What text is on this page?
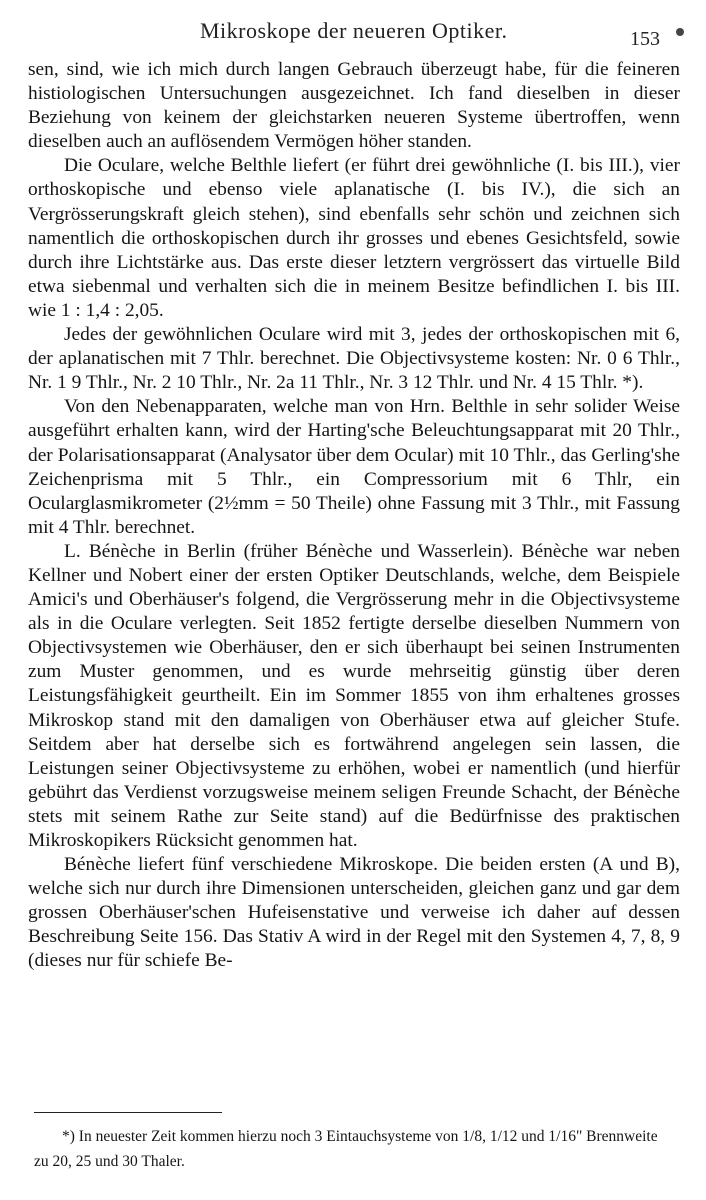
Mikroskope der neueren Optiker.	153

sen, sind, wie ich mich durch langen Gebrauch überzeugt habe, für die feineren histiologischen Untersuchungen ausgezeichnet. Ich fand dieselben in dieser Beziehung von keinem der gleichstarken neueren Systeme übertroffen, wenn dieselben auch an auflösendem Vermögen höher standen.

Die Oculare, welche Belthle liefert (er führt drei gewöhnliche (I. bis III.), vier orthoskopische und ebenso viele aplanatische (I. bis IV.), die sich an Vergrösserungskraft gleich stehen), sind ebenfalls sehr schön und zeichnen sich namentlich die orthoskopischen durch ihr grosses und ebenes Gesichtsfeld, sowie durch ihre Lichtstärke aus. Das erste dieser letztern vergrössert das virtuelle Bild etwa siebenmal und verhalten sich die in meinem Besitze befindlichen I. bis III. wie 1 : 1,4 : 2,05.

Jedes der gewöhnlichen Oculare wird mit 3, jedes der orthoskopischen mit 6, der aplanatischen mit 7 Thlr. berechnet. Die Objectivsysteme kosten: Nr. 0 6 Thlr., Nr. 1 9 Thlr., Nr. 2 10 Thlr., Nr. 2a 11 Thlr., Nr. 3 12 Thlr. und Nr. 4 15 Thlr. *).

Von den Nebenapparaten, welche man von Hrn. Belthle in sehr solider Weise ausgeführt erhalten kann, wird der Harting'sche Beleuchtungsapparat mit 20 Thlr., der Polarisationsapparat (Analysator über dem Ocular) mit 10 Thlr., das Gerling'she Zeichenprisma mit 5 Thlr., ein Compressorium mit 6 Thlr, ein Ocularglasmikrometer (2½mm = 50 Theile) ohne Fassung mit 3 Thlr., mit Fassung mit 4 Thlr. berechnet.

L. Bénèche in Berlin (früher Bénèche und Wasserlein). Bénèche war neben Kellner und Nobert einer der ersten Optiker Deutschlands, welche, dem Beispiele Amici's und Oberhäuser's folgend, die Vergrösserung mehr in die Objectivsysteme als in die Oculare verlegten. Seit 1852 fertigte derselbe dieselben Nummern von Objectivsystemen wie Oberhäuser, den er sich überhaupt bei seinen Instrumenten zum Muster genommen, und es wurde mehrseitig günstig über deren Leistungsfähigkeit geurtheilt. Ein im Sommer 1855 von ihm erhaltenes grosses Mikroskop stand mit den damaligen von Oberhäuser etwa auf gleicher Stufe. Seitdem aber hat derselbe sich es fortwährend angelegen sein lassen, die Leistungen seiner Objectivsysteme zu erhöhen, wobei er namentlich (und hierfür gebührt das Verdienst vorzugsweise meinem seligen Freunde Schacht, der Bénèche stets mit seinem Rathe zur Seite stand) auf die Bedürfnisse des praktischen Mikroskopikers Rücksicht genommen hat.

Bénèche liefert fünf verschiedene Mikroskope. Die beiden ersten (A und B), welche sich nur durch ihre Dimensionen unterscheiden, gleichen ganz und gar dem grossen Oberhäuser'schen Hufeisenstative und verweise ich daher auf dessen Beschreibung Seite 156. Das Stativ A wird in der Regel mit den Systemen 4, 7, 8, 9 (dieses nur für schiefe Be-

*) In neuester Zeit kommen hierzu noch 3 Eintauchsysteme von 1/8, 1/12 und 1/16" Brennweite zu 20, 25 und 30 Thaler.
